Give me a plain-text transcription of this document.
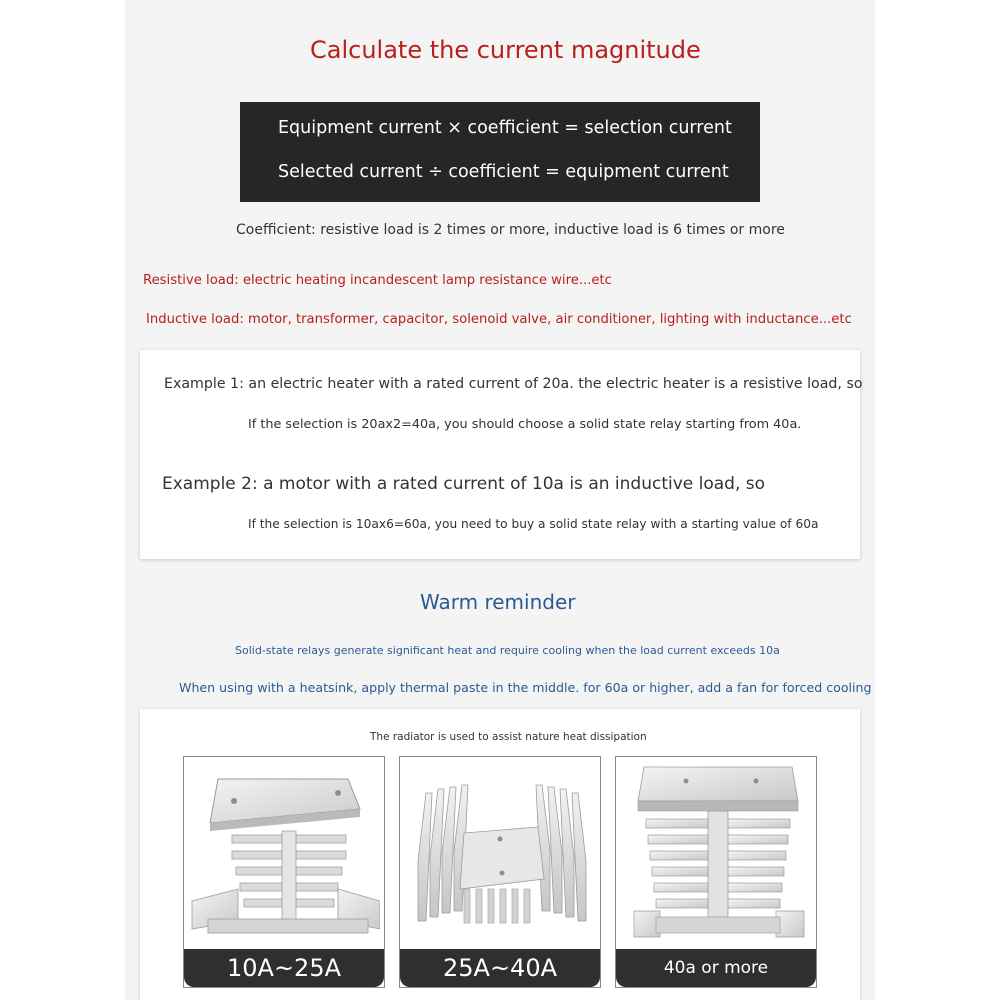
Calculate the current magnitude
Equipment current × coefficient = selection current
Selected current ÷ coefficient = equipment current
Coefficient: resistive load is 2 times or more, inductive load is 6 times or more
Resistive load: electric heating incandescent lamp resistance wire...etc
Inductive load: motor, transformer, capacitor, solenoid valve, air conditioner, lighting with inductance...etc
Example 1: an electric heater with a rated current of 20a. the electric heater is a resistive load, so
If the selection is 20ax2=40a, you should choose a solid state relay starting from 40a.
Example 2: a motor with a rated current of 10a is an inductive load, so
If the selection is 10ax6=60a, you need to buy a solid state relay with a starting value of 60a
Warm reminder
Solid-state relays generate significant heat and require cooling when the load current exceeds 10a
When using with a heatsink, apply thermal paste in the middle. for 60a or higher, add a fan for forced cooling
The radiator is used to assist nature heat dissipation
10A~25A	25A~40A	40a or more
